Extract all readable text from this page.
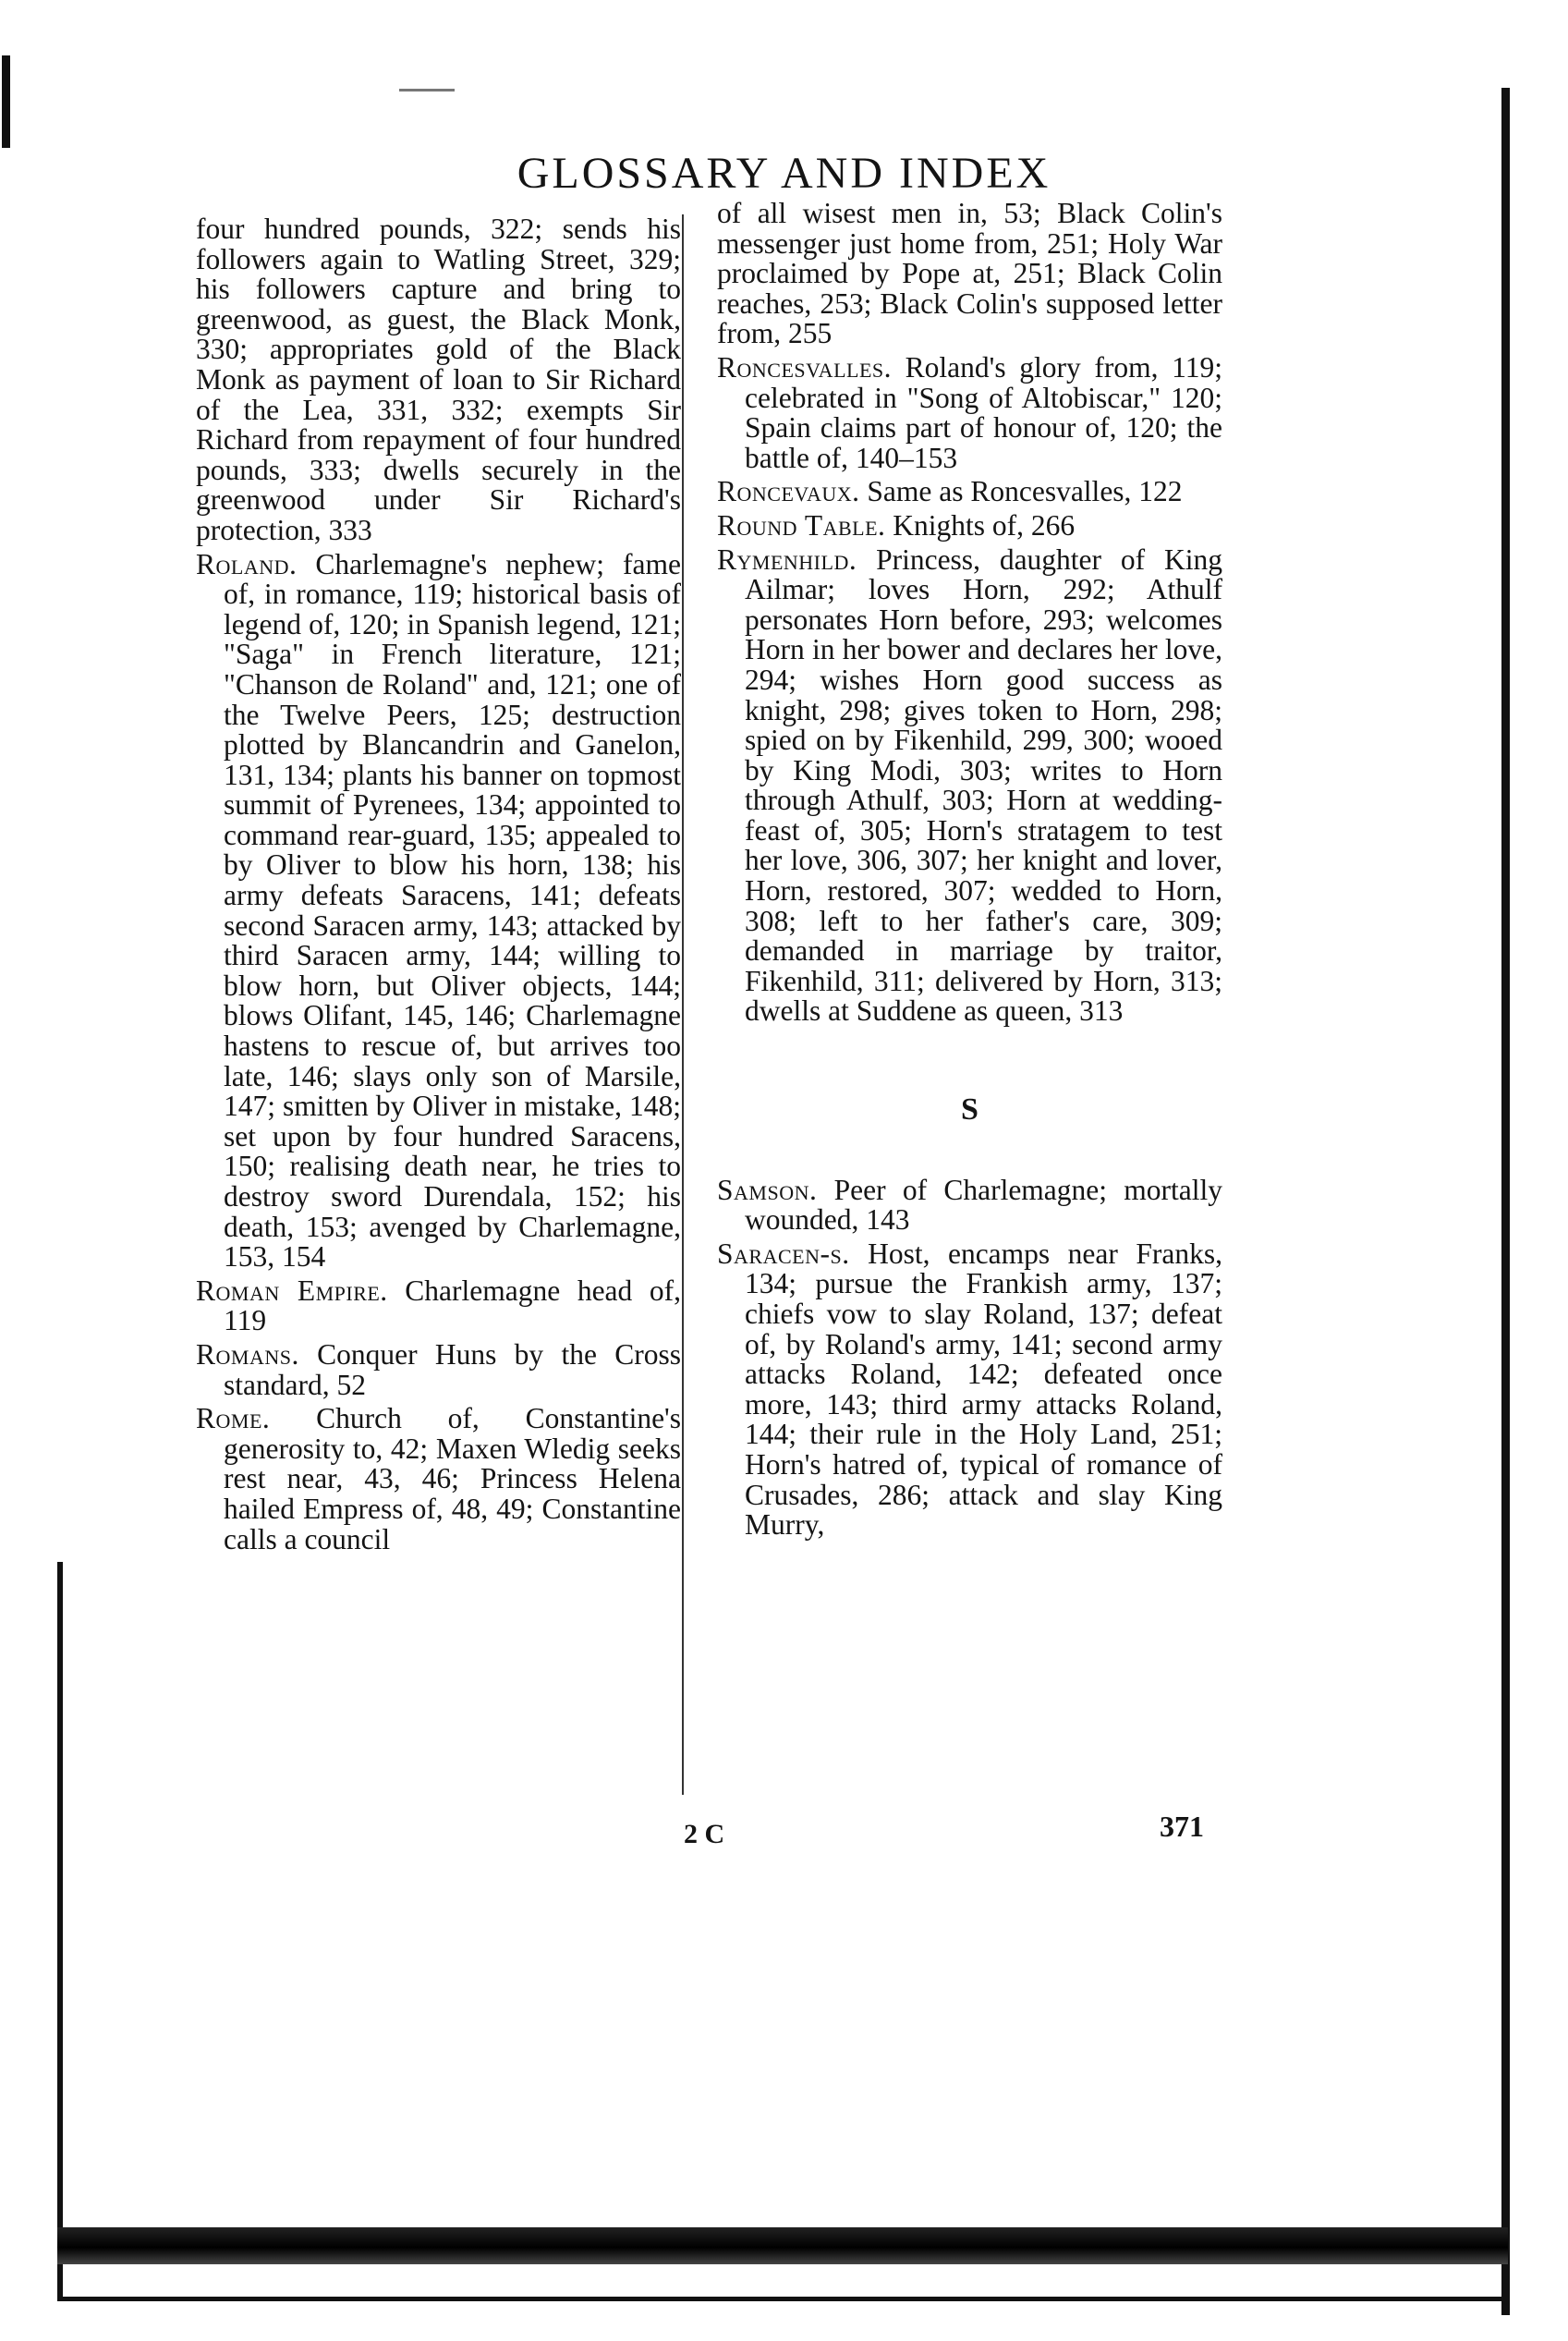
GLOSSARY AND INDEX

four hundred pounds, 322; sends his followers again to Watling Street, 329; his followers capture and bring to greenwood, as guest, the Black Monk, 330; appropriates gold of the Black Monk as payment of loan to Sir Richard of the Lea, 331, 332; exempts Sir Richard from repayment of four hundred pounds, 333; dwells securely in the greenwood under Sir Richard's protection, 333

Roland. Charlemagne's nephew; fame of, in romance, 119; historical basis of legend of, 120; in Spanish legend, 121; "Saga" in French literature, 121; "Chanson de Roland" and, 121; one of the Twelve Peers, 125; destruction plotted by Blancandrin and Ganelon, 131, 134; plants his banner on topmost summit of Pyrenees, 134; appointed to command rear-guard, 135; appealed to by Oliver to blow his horn, 138; his army defeats Saracens, 141; defeats second Saracen army, 143; attacked by third Saracen army, 144; willing to blow horn, but Oliver objects, 144; blows Olifant, 145, 146; Charlemagne hastens to rescue of, but arrives too late, 146; slays only son of Marsile, 147; smitten by Oliver in mistake, 148; set upon by four hundred Saracens, 150; realising death near, he tries to destroy sword Durendala, 152; his death, 153; avenged by Charlemagne, 153, 154

Roman Empire. Charlemagne head of, 119

Romans. Conquer Huns by the Cross standard, 52

Rome. Church of, Constantine's generosity to, 42; Maxen Wledig seeks rest near, 43, 46; Princess Helena hailed Empress of, 48, 49; Constantine calls a council

of all wisest men in, 53; Black Colin's messenger just home from, 251; Holy War proclaimed by Pope at, 251; Black Colin reaches, 253; Black Colin's supposed letter from, 255

Roncesvalles. Roland's glory from, 119; celebrated in "Song of Altobiscar," 120; Spain claims part of honour of, 120; the battle of, 140–153

Roncevaux. Same as Roncesvalles, 122

Round Table. Knights of, 266

Rymenhild. Princess, daughter of King Ailmar; loves Horn, 292; Athulf personates Horn before, 293; welcomes Horn in her bower and declares her love, 294; wishes Horn good success as knight, 298; gives token to Horn, 298; spied on by Fikenhild, 299, 300; wooed by King Modi, 303; writes to Horn through Athulf, 303; Horn at wedding-feast of, 305; Horn's stratagem to test her love, 306, 307; her knight and lover, Horn, restored, 307; wedded to Horn, 308; left to her father's care, 309; demanded in marriage by traitor, Fikenhild, 311; delivered by Horn, 313; dwells at Suddene as queen, 313

S

Samson. Peer of Charlemagne; mortally wounded, 143

Saracen-s. Host, encamps near Franks, 134; pursue the Frankish army, 137; chiefs vow to slay Roland, 137; defeat of, by Roland's army, 141; second army attacks Roland, 142; defeated once more, 143; third army attacks Roland, 144; their rule in the Holy Land, 251; Horn's hatred of, typical of romance of Crusades, 286; attack and slay King Murry,

2 C	371
